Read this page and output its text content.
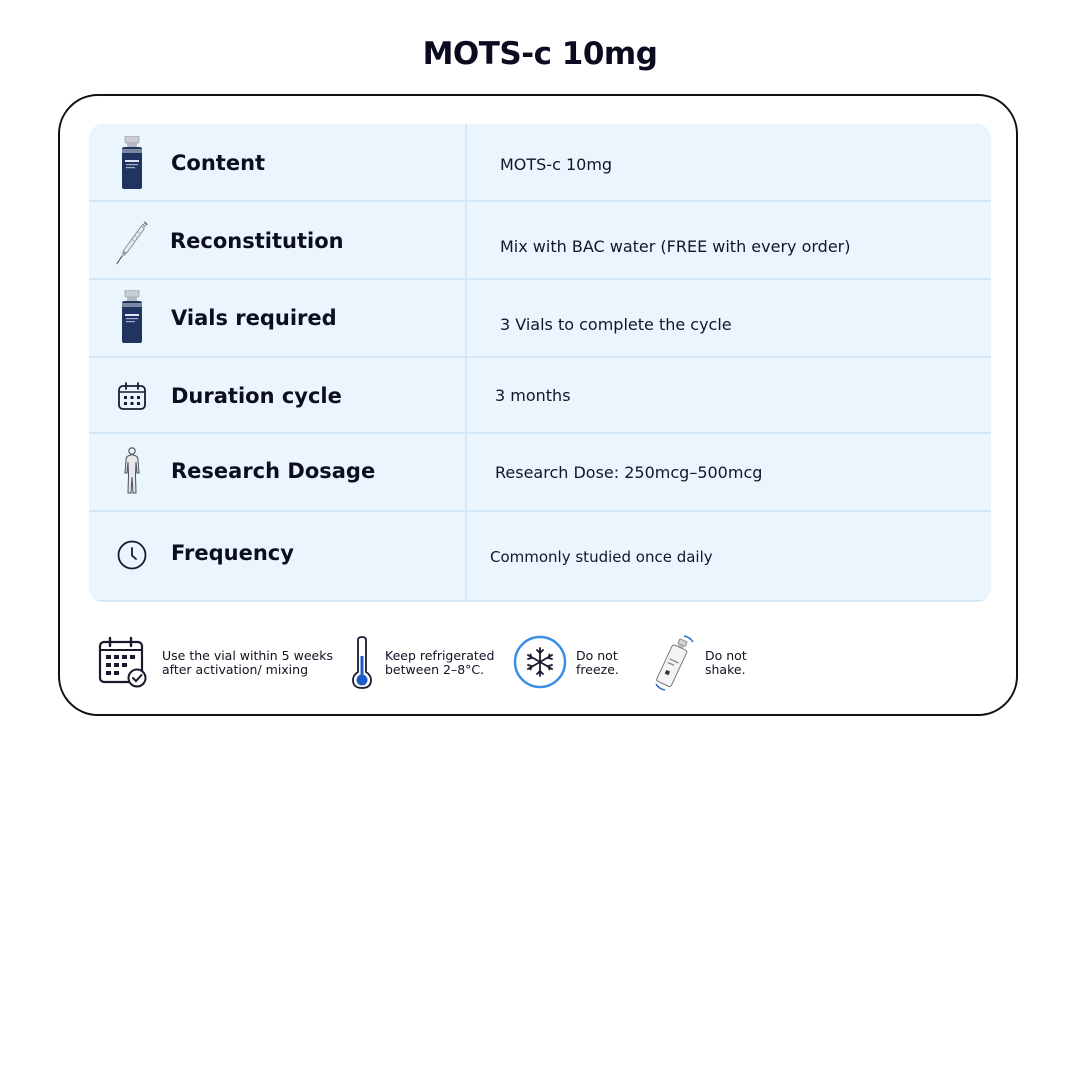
MOTS-c 10mg
Content	MOTS-c 10mg
Reconstitution	Mix with BAC water (FREE with every order)
Vials required	3 Vials to complete the cycle
Duration cycle	3 months
Research Dosage	Research Dose: 250mcg–500mcg
Frequency	Commonly studied once daily
Use the vial within 5 weeks
after activation/ mixing
Keep refrigerated
between 2–8°C.
Do not
freeze.
Do not
shake.
